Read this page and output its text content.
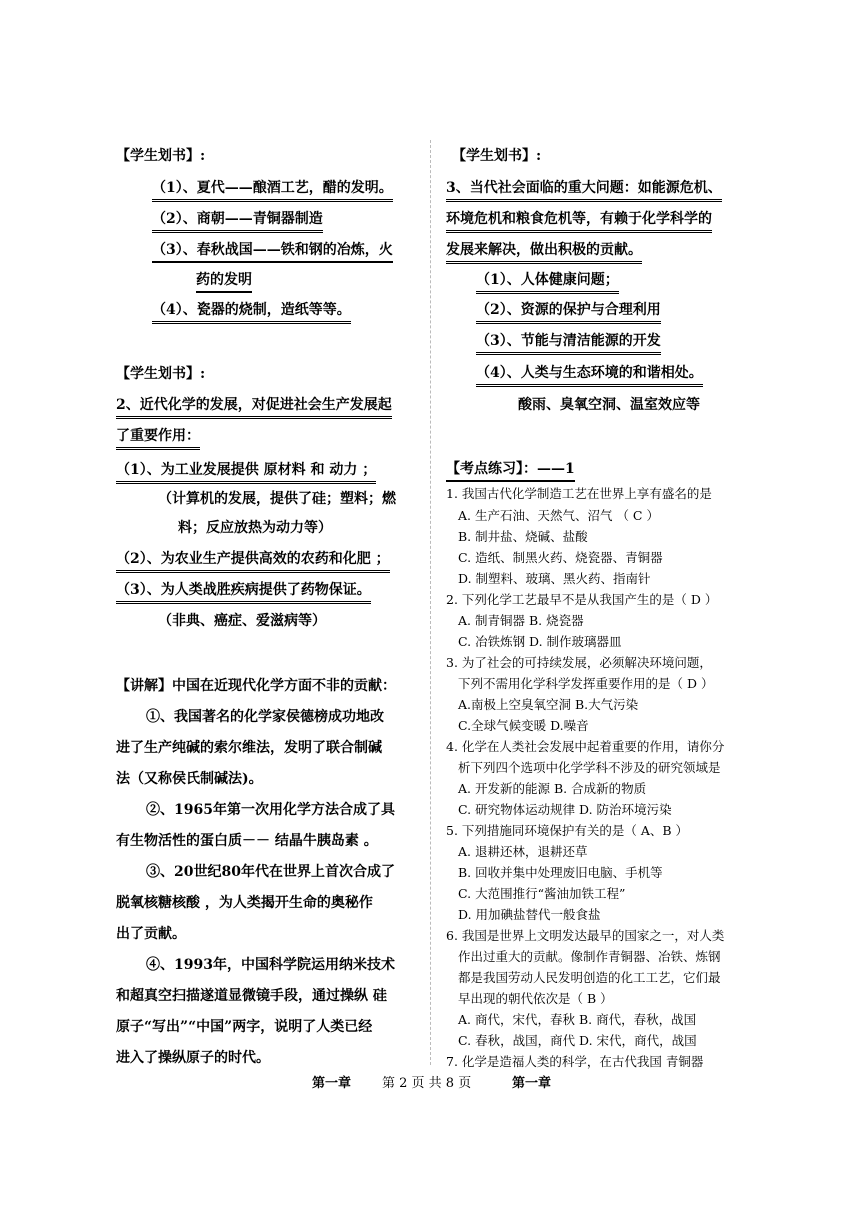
【学生划书】:
（1）、夏代——酿酒工艺，醋的发明。
（2）、商朝——青铜器制造
（3）、春秋战国——铁和钢的冶炼，火
药的发明
（4）、瓷器的烧制，造纸等等。
【学生划书】:
2、近代化学的发展，对促进社会生产发展起
了重要作用：
（1）、为工业发展提供 原材料 和 动力 ；
（计算机的发展，提供了硅；塑料；燃
料；反应放热为动力等）
（2）、为农业生产提供高效的农药和化肥 ；
（3）、为人类战胜疾病提供了药物保证。
（非典、癌症、爱滋病等）
【讲解】中国在近现代化学方面不非的贡献：
①、我国著名的化学家侯德榜成功地改
进了生产纯碱的索尔维法，发明了联合制碱
法（又称侯氏制碱法)。
②、1965年第一次用化学方法合成了具
有生物活性的蛋白质－－ 结晶牛胰岛素 。
③、20世纪80年代在世界上首次合成了
脱氧核糖核酸 ，为人类揭开生命的奥秘作
出了贡献。
④、1993年，中国科学院运用纳米技术
和超真空扫描遂道显微镜手段，通过操纵 硅
原子“写出”“中国”两字，说明了人类已经
进入了操纵原子的时代。
【学生划书】:
3、当代社会面临的重大问题：如能源危机、
环境危机和粮食危机等，有赖于化学科学的
发展来解决，做出积极的贡献。
（1）、人体健康问题；
（2）、资源的保护与合理利用
（3）、节能与清洁能源的开发
（4）、人类与生态环境的和谐相处。
酸雨、臭氧空洞、温室效应等
【考点练习】：——1
1. 我国古代化学制造工艺在世界上享有盛名的是
A. 生产石油、天然气、沼气 （ C ）
B. 制井盐、烧碱、盐酸
C. 造纸、制黑火药、烧瓷器、青铜器
D. 制塑料、玻璃、黑火药、指南针
2. 下列化学工艺最早不是从我国产生的是（ D ）
A. 制青铜器 B. 烧瓷器
C. 冶铁炼钢 D. 制作玻璃器皿
3. 为了社会的可持续发展，必须解决环境问题，
下列不需用化学科学发挥重要作用的是（ D ）
A.南极上空臭氧空洞 B.大气污染
C.全球气候变暖 D.噪音
4. 化学在人类社会发展中起着重要的作用，请你分
析下列四个选项中化学学科不涉及的研究领域是
A. 开发新的能源 B. 合成新的物质
C. 研究物体运动规律 D. 防治环境污染
5. 下列措施同环境保护有关的是（ A、B ）
A. 退耕还林，退耕还草
B. 回收并集中处理废旧电脑、手机等
C. 大范围推行“酱油加铁工程”
D. 用加碘盐替代一般食盐
6. 我国是世界上文明发达最早的国家之一，对人类
作出过重大的贡献。像制作青铜器、冶铁、炼钢
都是我国劳动人民发明创造的化工工艺，它们最
早出现的朝代依次是（ B ）
A. 商代，宋代，春秋 B. 商代，春秋，战国
C. 春秋，战国，商代 D. 宋代，商代，战国
7. 化学是造福人类的科学，在古代我国 青铜器
第一章 第 2 页 共 8 页	第一章
